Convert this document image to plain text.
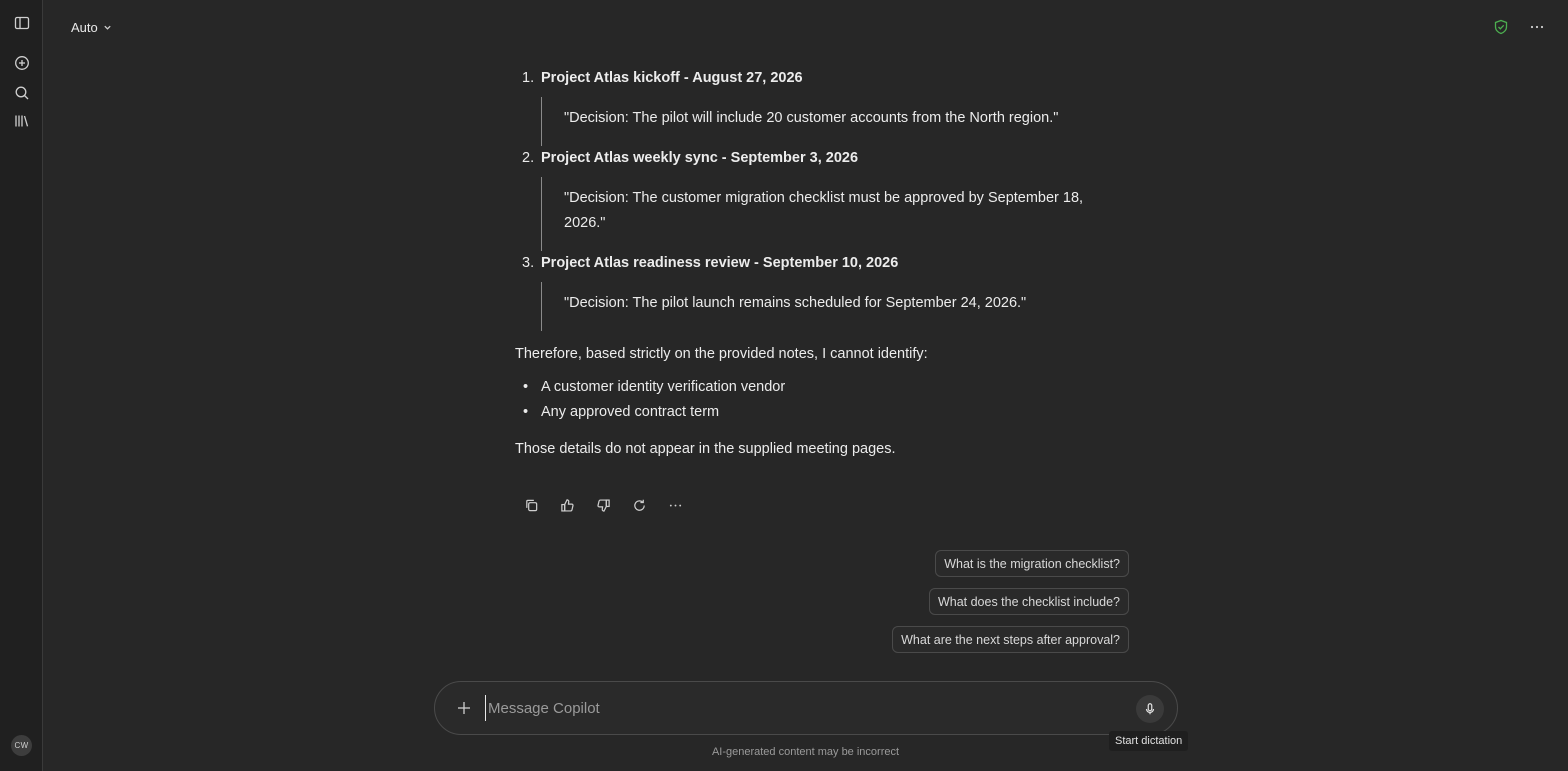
CW
Auto
1. Project Atlas kickoff - August 27, 2026
"Decision: The pilot will include 20 customer accounts from the North region."
2. Project Atlas weekly sync - September 3, 2026
"Decision: The customer migration checklist must be approved by September 18, 2026."
3. Project Atlas readiness review - September 10, 2026
"Decision: The pilot launch remains scheduled for September 24, 2026."
Therefore, based strictly on the provided notes, I cannot identify:
• A customer identity verification vendor
• Any approved contract term
Those details do not appear in the supplied meeting pages.
What is the migration checklist?
What does the checklist include?
What are the next steps after approval?
Message Copilot
Start dictation
AI-generated content may be incorrect
